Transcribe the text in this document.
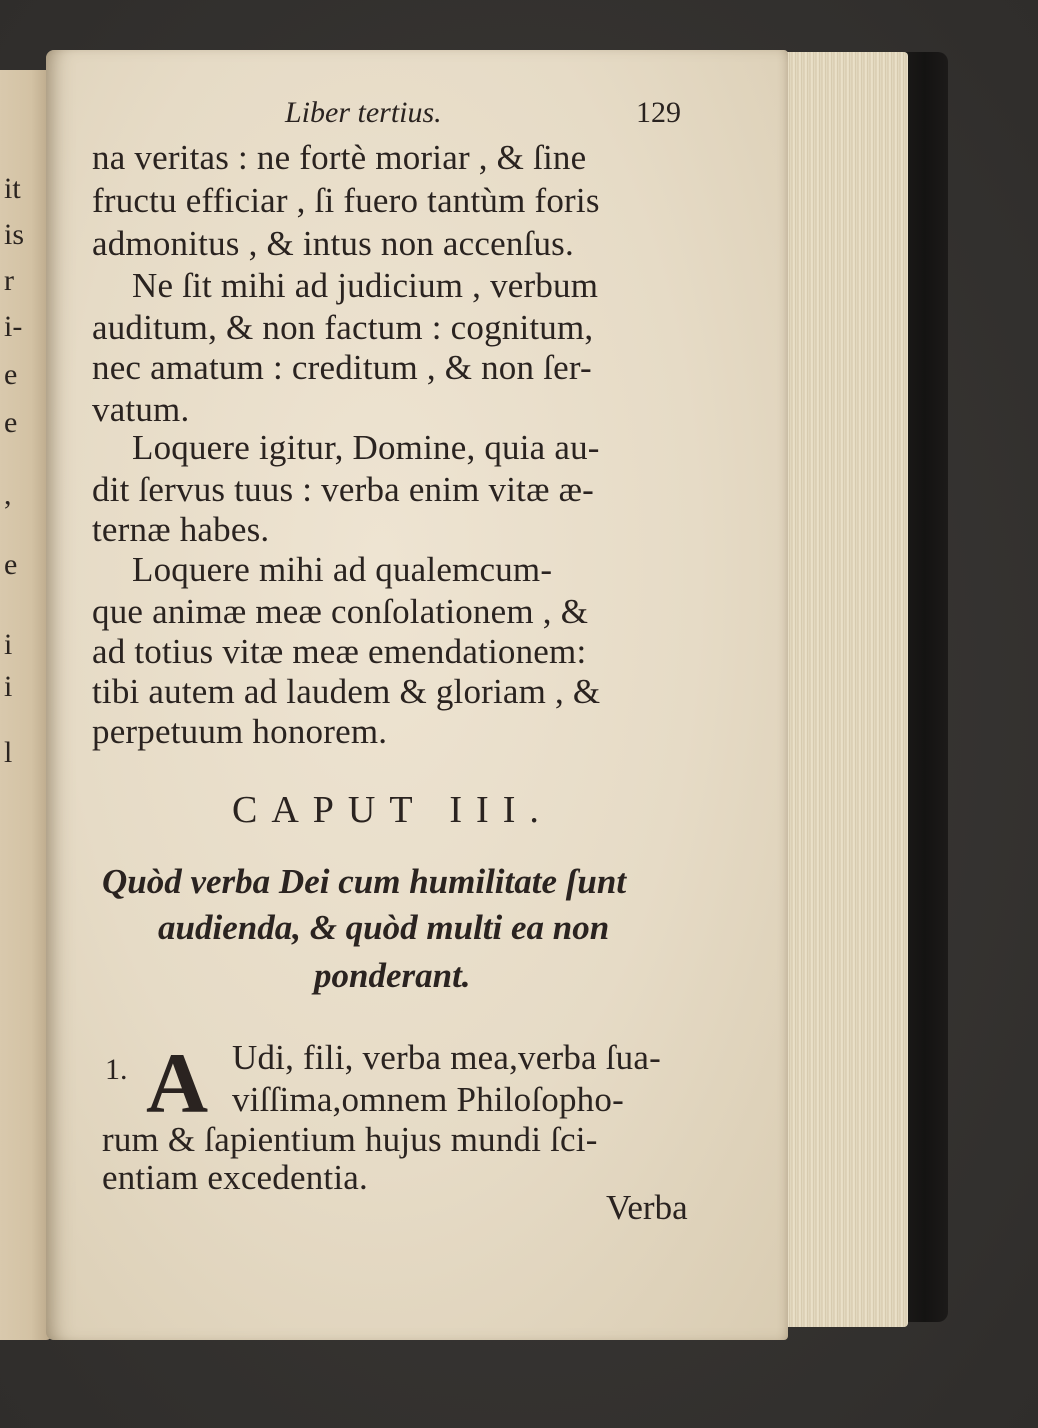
it
is
r
i-
e
e
,
e
i
i
l
Liber tertius.	129
na veritas : ne fortè moriar , & ſine
fructu efficiar , ſi fuero tantùm foris
admonitus , & intus non accenſus.
Ne ſit mihi ad judicium , verbum
auditum, & non factum : cognitum,
nec amatum : creditum , & non ſer-
vatum.
Loquere igitur, Domine, quia au-
dit ſervus tuus : verba enim vitæ æ-
ternæ habes.
Loquere mihi ad qualemcum-
que animæ meæ conſolationem , &
ad totius vitæ meæ emendationem:
tibi autem ad laudem & gloriam , &
perpetuum honorem.
CAPUT III.
Quòd verba Dei cum humilitate ſunt
audienda, & quòd multi ea non
ponderant.
1. A Udi, fili, verba mea,verba ſua-
viſſima,omnem Philoſopho-
rum & ſapientium hujus mundi ſci-
entiam excedentia.
Verba
